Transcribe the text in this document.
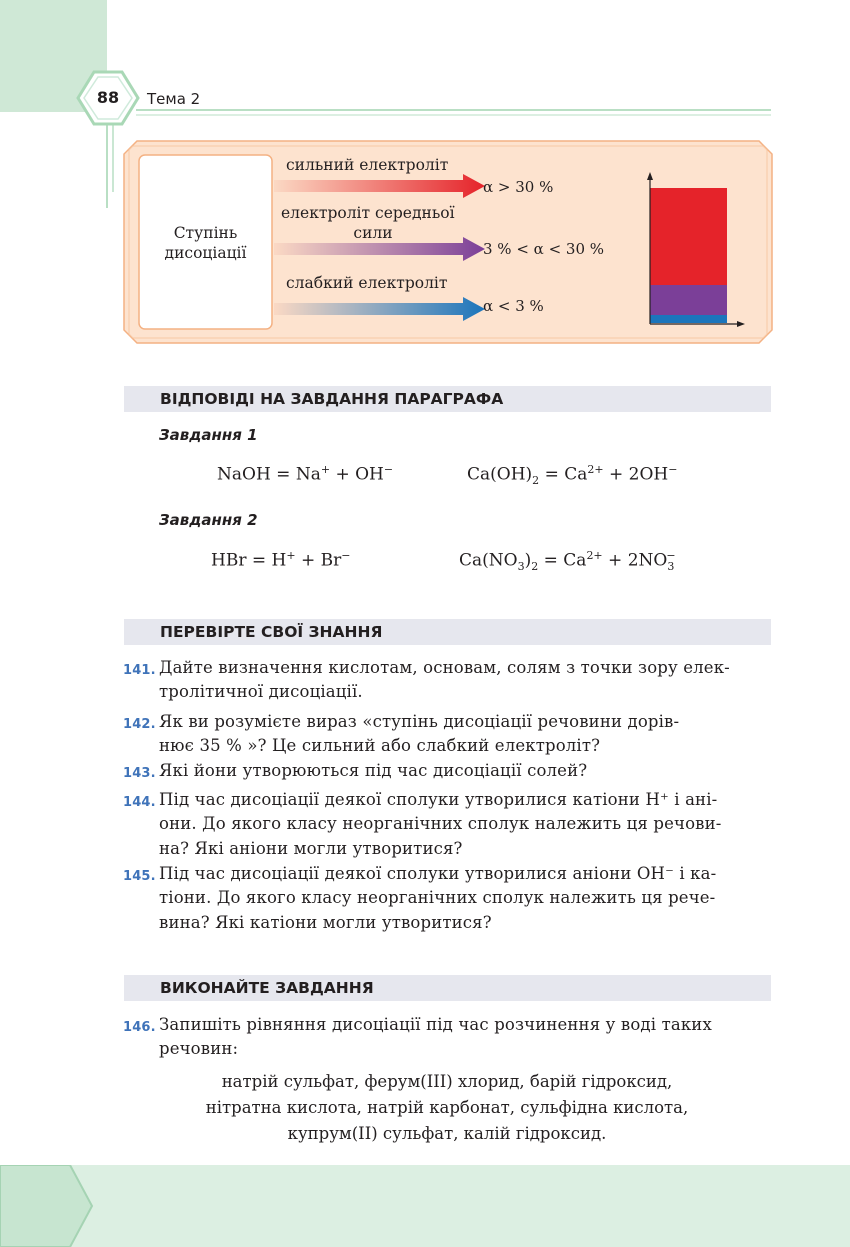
88	Тема 2
Ступінь
дисоціації
сильний електроліт
α > 30 %
електроліт середньої
сили
3 % < α < 30 %
слабкий електроліт
α < 3 %
ВІДПОВІДІ НА ЗАВДАННЯ ПАРАГРАФА
Завдання 1
NaOH = Na+ + OH−	$Ca(OH)_2 = Ca^{2+} + 2OH^-$
Завдання 2
HBr = H+ + Br−	$Ca(NO_3)_2 = Ca^{2+} + 2NO_3^-$
ПЕРЕВІРТЕ СВОЇ ЗНАННЯ
141. Дайте визначення кислотам, основам, солям з точки зору елек-
тролітичної дисоціації.
142. Як ви розумієте вираз «ступінь дисоціації речовини дорів-
нює 35 % »? Це сильний або слабкий електроліт?
143. Які йони утворюються під час дисоціації солей?
144. Під час дисоціації деякої сполуки утворилися катіони H⁺ і ані-
они. До якого класу неорганічних сполук належить ця речови-
на? Які аніони могли утворитися?
145. Під час дисоціації деякої сполуки утворилися аніони OH⁻ і ка-
тіони. До якого класу неорганічних сполук належить ця рече-
вина? Які катіони могли утворитися?
ВИКОНАЙТЕ ЗАВДАННЯ
146. Запишіть рівняння дисоціації під час розчинення у воді таких
речовин:
натрій сульфат, ферум(III) хлорид, барій гідроксид,
нітратна кислота, натрій карбонат, сульфідна кислота,
купрум(II) сульфат, калій гідроксид.
